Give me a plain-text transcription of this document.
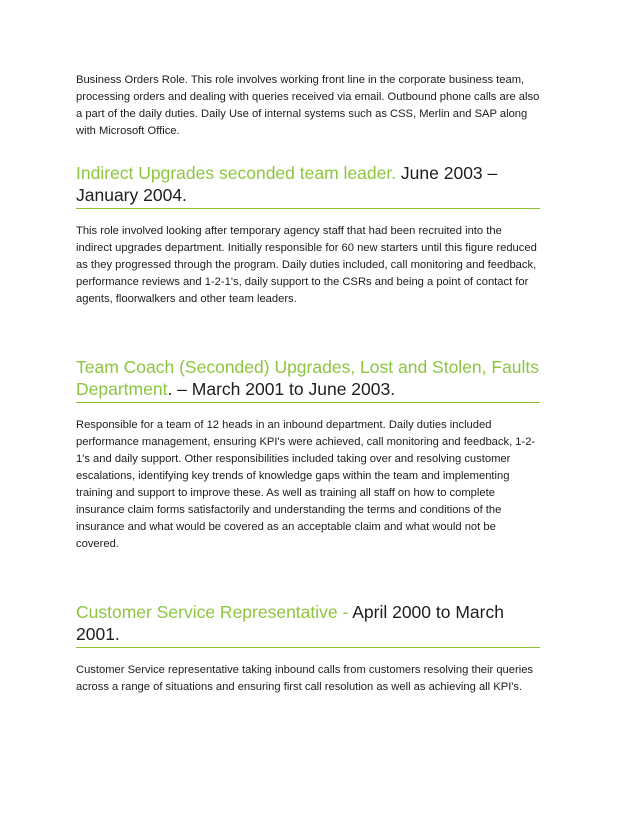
Business Orders Role. This role involves working front line in the corporate business team, processing orders and dealing with queries received via email. Outbound phone calls are also a part of the daily duties. Daily Use of internal systems such as CSS, Merlin and SAP along with Microsoft Office.

Indirect Upgrades seconded team leader. June 2003 – January 2004.

This role involved looking after temporary agency staff that had been recruited into the indirect upgrades department. Initially responsible for 60 new starters until this figure reduced as they progressed through the program. Daily duties included, call monitoring and feedback, performance reviews and 1-2-1's, daily support to the CSRs and being a point of contact for agents, floorwalkers and other team leaders.

Team Coach (Seconded) Upgrades, Lost and Stolen, Faults Department. – March 2001 to June 2003.

Responsible for a team of 12 heads in an inbound department. Daily duties included performance management, ensuring KPI's were achieved, call monitoring and feedback, 1-2-1's and daily support. Other responsibilities included taking over and resolving customer escalations, identifying key trends of knowledge gaps within the team and implementing training and support to improve these. As well as training all staff on how to complete insurance claim forms satisfactorily and understanding the terms and conditions of the insurance and what would be covered as an acceptable claim and what would not be covered.

Customer Service Representative - April 2000 to March 2001.

Customer Service representative taking inbound calls from customers resolving their queries across a range of situations and ensuring first call resolution as well as achieving all KPI's.
